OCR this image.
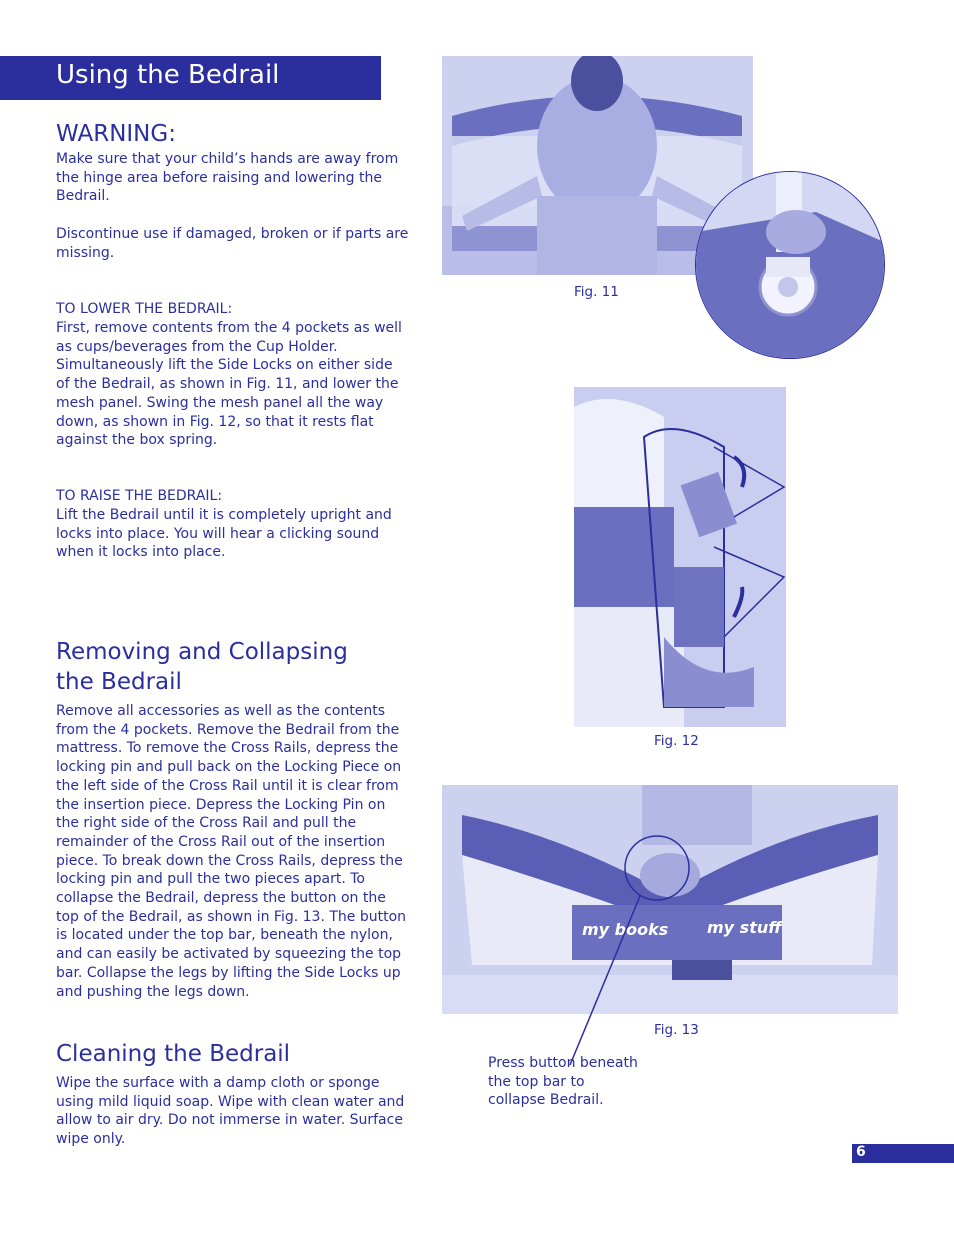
Using the Bedrail
WARNING:
Make sure that your child’s hands are away from the hinge area before raising and lowering the Bedrail.
Discontinue use if damaged, broken or if parts are missing.
TO LOWER THE BEDRAIL:
First, remove contents from the 4 pockets as well as cups/beverages from the Cup Holder. Simultaneously lift the Side Locks on either side of the Bedrail, as shown in Fig. 11, and lower the mesh panel. Swing the mesh panel all the way down, as shown in Fig. 12, so that it rests flat against the box spring.
TO RAISE THE BEDRAIL:
Lift the Bedrail until it is completely upright and locks into place. You will hear a clicking sound when it locks into place.
Removing and Collapsing
the Bedrail
Remove all accessories as well as the contents from the 4 pockets. Remove the Bedrail from the mattress. To remove the Cross Rails, depress the locking pin and pull back on the Locking Piece on the left side of the Cross Rail until it is clear from the insertion piece. Depress the Locking Pin on the right side of the Cross Rail and pull the remainder of the Cross Rail out of the insertion piece. To break down the Cross Rails, depress the locking pin and pull the two pieces apart. To collapse the Bedrail, depress the button on the top of the Bedrail, as shown in Fig. 13. The button is located under the top bar, beneath the nylon, and can easily be activated by squeezing the top bar. Collapse the legs by lifting the Side Locks up and pushing the legs down.
Cleaning the Bedrail
Wipe the surface with a damp cloth or sponge using mild liquid soap. Wipe with clean water and allow to air dry. Do not immerse in water. Surface wipe only.
Fig. 11
Fig. 12
my books my stuff
Fig. 13
Press button beneath the top bar to collapse Bedrail.
6
